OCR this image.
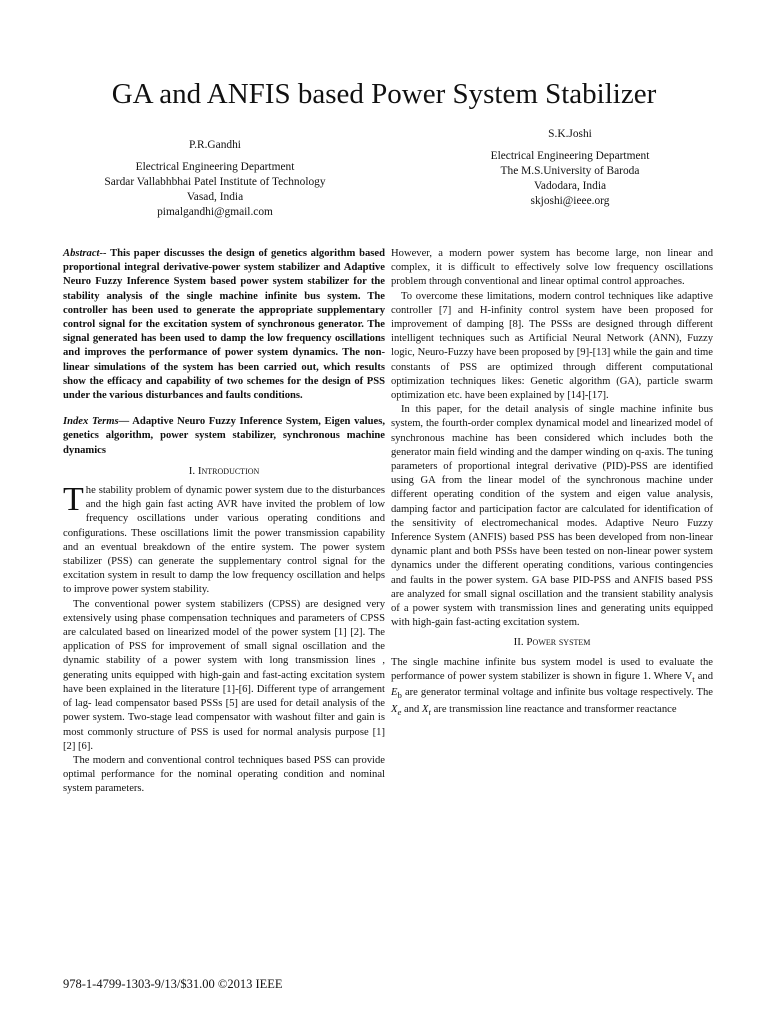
GA and ANFIS based Power System Stabilizer
P.R.Gandhi
Electrical Engineering Department
Sardar Vallabhbhai Patel Institute of Technology
Vasad, India
pimalgandhi@gmail.com
S.K.Joshi
Electrical Engineering Department
The M.S.University of Baroda
Vadodara, India
skjoshi@ieee.org

Abstract-- This paper discusses the design of genetics algorithm based proportional integral derivative-power system stabilizer and Adaptive Neuro Fuzzy Inference System based power system stabilizer for the stability analysis of the single machine infinite bus system. The controller has been used to generate the appropriate supplementary control signal for the excitation system of synchronous generator. The signal generated has been used to damp the low frequency oscillations and improves the performance of power system dynamics. The non- linear simulations of the system has been carried out, which results show the efficacy and capability of two schemes for the design of PSS under the various disturbances and faults conditions.

Index Terms— Adaptive Neuro Fuzzy Inference System, Eigen values, genetics algorithm, power system stabilizer, synchronous machine dynamics

I. Introduction

The stability problem of dynamic power system due to the disturbances and the high gain fast acting AVR have invited the problem of low frequency oscillations under various operating conditions and configurations. These oscillations limit the power transmission capability and an eventual breakdown of the entire system. The power system stabilizer (PSS) can generate the supplementary control signal for the excitation system in result to damp the low frequency oscillation and helps to improve power system stability.

The conventional power system stabilizers (CPSS) are designed very extensively using phase compensation techniques and parameters of CPSS are calculated based on linearized model of the power system [1] [2]. The application of PSS for improvement of small signal oscillation and the dynamic stability of a power system with long transmission lines , generating units equipped with high-gain and fast-acting excitation system have been explained in the literature [1]-[6]. Different type of arrangement of lag- lead compensator based PSSs [5] are used for detail analysis of the power system. Two-stage lead compensator with washout filter and gain is most commonly structure of PSS is used for normal analysis purpose [1] [2] [6].

The modern and conventional control techniques based PSS can provide optimal performance for the nominal operating condition and nominal system parameters.

However, a modern power system has become large, non linear and complex, it is difficult to effectively solve low frequency oscillations problem through conventional and linear optimal control approaches.

To overcome these limitations, modern control techniques like adaptive controller [7] and H-infinity control system have been proposed for improvement of damping [8]. The PSSs are designed through different intelligent techniques such as Artificial Neural Network (ANN), Fuzzy logic, Neuro-Fuzzy have been proposed by [9]-[13] while the gain and time constants of PSS are optimized through different computational optimization techniques likes: Genetic algorithm (GA), particle swarm optimization etc. have been explained by [14]-[17].

In this paper, for the detail analysis of single machine infinite bus system, the fourth-order complex dynamical model and linearized model of synchronous machine has been considered which includes both the generator main field winding and the damper winding on q-axis. The tuning parameters of proportional integral derivative (PID)-PSS are identified using GA from the linear model of the synchronous machine under different operating condition of the system and eigen value analysis, damping factor and participation factor are calculated for identification of the sensitivity of electromechanical modes. Adaptive Neuro Fuzzy Inference System (ANFIS) based PSS has been developed from non-linear dynamic plant and both PSSs have been tested on non-linear power system dynamics under the different operating conditions, various contingencies and faults in the power system. GA base PID-PSS and ANFIS based PSS are analyzed for small signal oscillation and the transient stability analysis of a power system with transmission lines and generating units equipped with high-gain fast-acting excitation system.

II. Power system

The single machine infinite bus system model is used to evaluate the performance of power system stabilizer is shown in figure 1. Where $V_t$ and $E_b$ are generator terminal voltage and infinite bus voltage respectively. The $X_e$ and $X_t$ are transmission line reactance and transformer reactance

978-1-4799-1303-9/13/$31.00 ©2013 IEEE
